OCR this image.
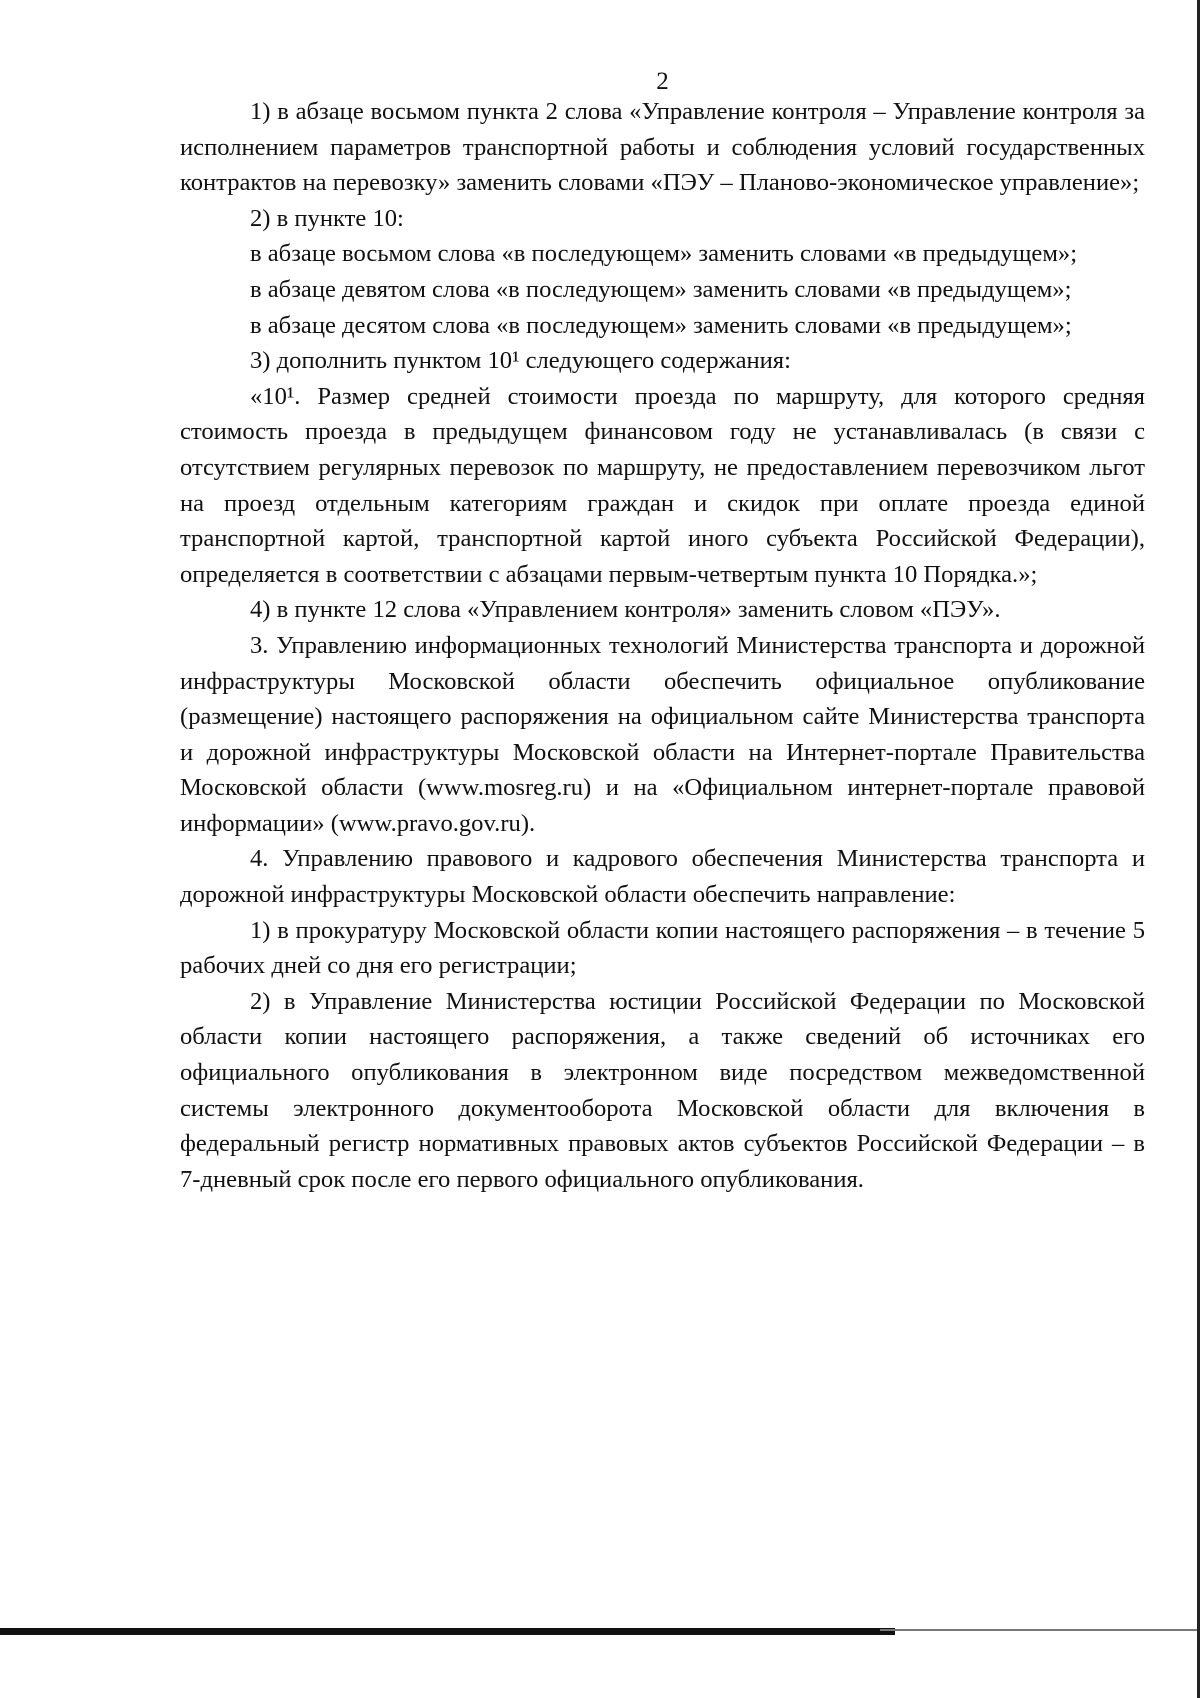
2

1) в абзаце восьмом пункта 2 слова «Управление контроля – Управление контроля за исполнением параметров транспортной работы и соблюдения условий государственных контрактов на перевозку» заменить словами «ПЭУ – Планово-экономическое управление»;

2) в пункте 10:

в абзаце восьмом слова «в последующем» заменить словами «в предыдущем»;

в абзаце девятом слова «в последующем» заменить словами «в предыдущем»;

в абзаце десятом слова «в последующем» заменить словами «в предыдущем»;

3) дополнить пунктом 10¹ следующего содержания:

«10¹. Размер средней стоимости проезда по маршруту, для которого средняя стоимость проезда в предыдущем финансовом году не устанавливалась (в связи с отсутствием регулярных перевозок по маршруту, не предоставлением перевозчиком льгот на проезд отдельным категориям граждан и скидок при оплате проезда единой транспортной картой, транспортной картой иного субъекта Российской Федерации), определяется в соответствии с абзацами первым-четвертым пункта 10 Порядка.»;

4) в пункте 12 слова «Управлением контроля» заменить словом «ПЭУ».

3. Управлению информационных технологий Министерства транспорта и дорожной инфраструктуры Московской области обеспечить официальное опубликование (размещение) настоящего распоряжения на официальном сайте Министерства транспорта и дорожной инфраструктуры Московской области на Интернет-портале Правительства Московской области (www.mosreg.ru) и на «Официальном интернет-портале правовой информации» (www.pravo.gov.ru).

4. Управлению правового и кадрового обеспечения Министерства транспорта и дорожной инфраструктуры Московской области обеспечить направление:

1) в прокуратуру Московской области копии настоящего распоряжения – в течение 5 рабочих дней со дня его регистрации;

2) в Управление Министерства юстиции Российской Федерации по Московской области копии настоящего распоряжения, а также сведений об источниках его официального опубликования в электронном виде посредством межведомственной системы электронного документооборота Московской области для включения в федеральный регистр нормативных правовых актов субъектов Российской Федерации – в 7-дневный срок после его первого официального опубликования.
